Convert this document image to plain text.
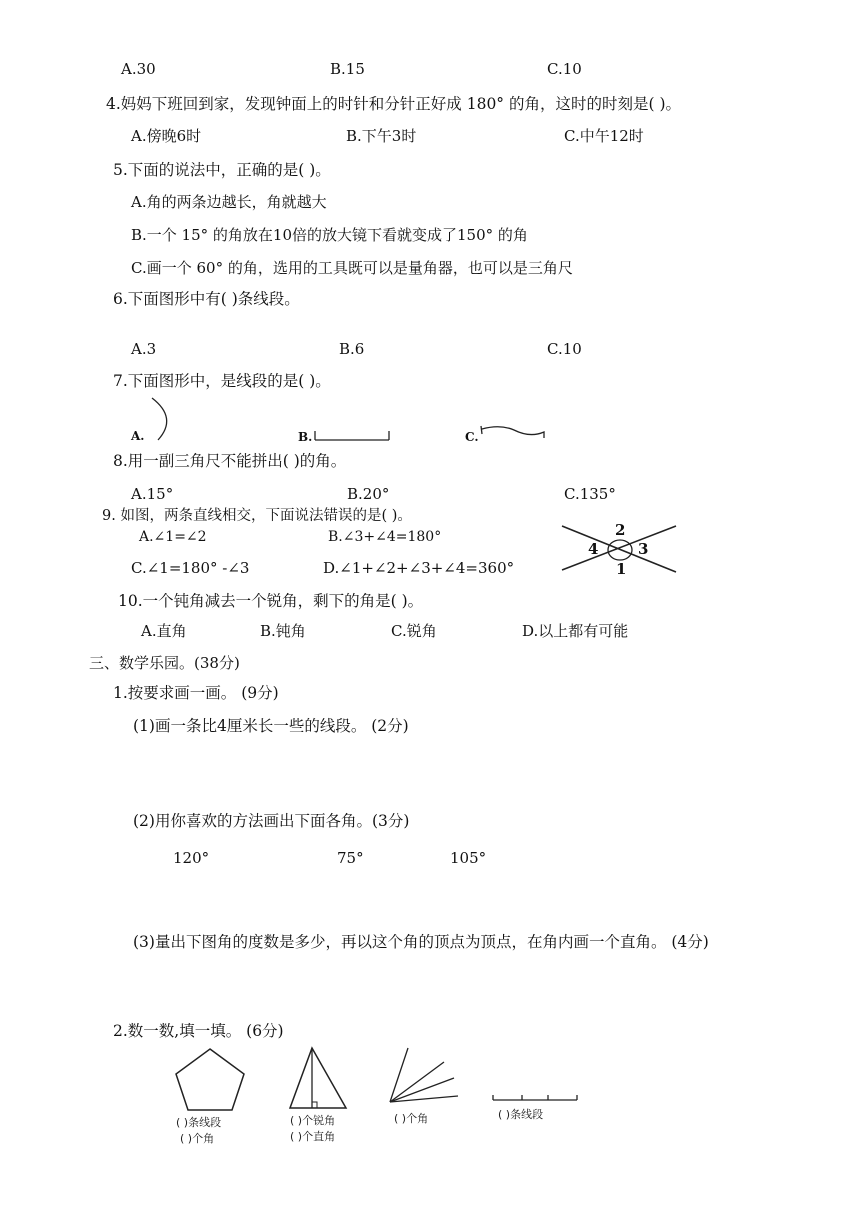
A.30	B.15	C.10
4.妈妈下班回到家，发现钟面上的时针和分针正好成 180° 的角，这时的时刻是( )。
A.傍晚6时	B.下午3时	C.中午12时
5.下面的说法中，正确的是( )。
A.角的两条边越长，角就越大
B.一个 15° 的角放在10倍的放大镜下看就变成了150° 的角
C.画一个 60° 的角，选用的工具既可以是量角器，也可以是三角尺
6.下面图形中有( )条线段。
A.3	B.6	C.10
7.下面图形中，是线段的是( )。
A.	B.	C.
8.用一副三角尺不能拼出( )的角。
A.15°	B.20°	C.135°
9. 如图，两条直线相交，下面说法错误的是( )。
A.∠1=∠2	B.∠3+∠4=180°
C.∠1=180° -∠3	D.∠1+∠2+∠3+∠4=360°
2
3
4
1
10.一个钝角减去一个锐角，剩下的角是( )。
A.直角	B.钝角	C.锐角	D.以上都有可能
三、数学乐园。(38分)
1.按要求画一画。 (9分)
(1)画一条比4厘米长一些的线段。 (2分)
(2)用你喜欢的方法画出下面各角。(3分)
120°	75°	105°
(3)量出下图角的度数是多少，再以这个角的顶点为顶点，在角内画一个直角。 (4分)
2.数一数,填一填。 (6分)
( )条线段
( )个角
( )个锐角
( )个直角
( )个角	( )条线段
